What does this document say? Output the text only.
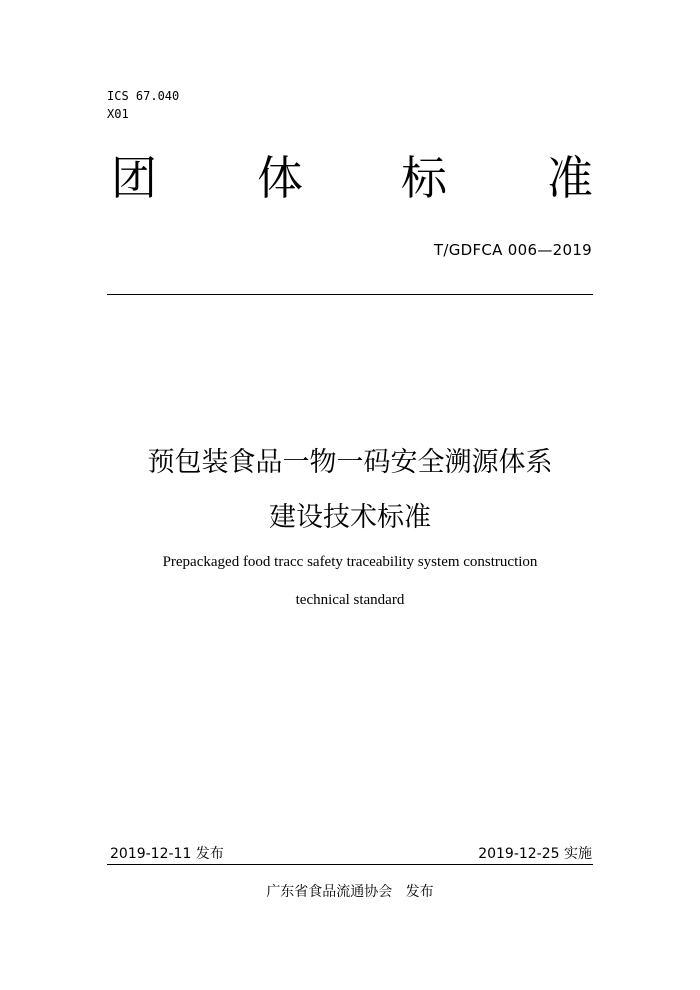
ICS 67.040
X01
团 体 标 准
T/GDFCA 006—2019
预包装食品一物一码安全溯源体系
建设技术标准
Prepackaged food tracc safety traceability system construction
technical standard
2019-12-11 发布	2019-12-25 实施
广东省食品流通协会   发布
